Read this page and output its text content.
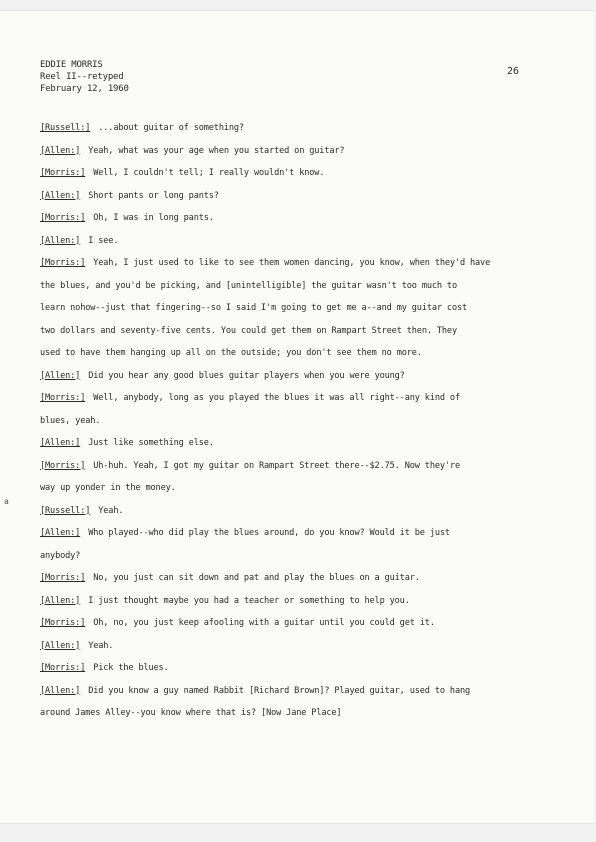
EDDIE MORRIS
Reel II--retyped
February 12, 1960
26
[Russell:] ...about guitar of something?
[Allen:] Yeah, what was your age when you started on guitar?
[Morris:] Well, I couldn't tell; I really wouldn't know.
[Allen:] Short pants or long pants?
[Morris:] Oh, I was in long pants.
[Allen:] I see.
[Morris:] Yeah, I just used to like to see them women dancing, you know, when they'd have
the blues, and you'd be picking, and [unintelligible] the guitar wasn't too much to
learn nohow--just that fingering--so I said I'm going to get me a--and my guitar cost
two dollars and seventy-five cents. You could get them on Rampart Street then. They
used to have them hanging up all on the outside; you don't see them no more.
[Allen:] Did you hear any good blues guitar players when you were young?
[Morris:] Well, anybody, long as you played the blues it was all right--any kind of
blues, yeah.
[Allen:] Just like something else.
[Morris:] Uh-huh. Yeah, I got my guitar on Rampart Street there--$2.75. Now they're
way up yonder in the money.
[Russell:] Yeah.
[Allen:] Who played--who did play the blues around, do you know? Would it be just
anybody?
[Morris:] No, you just can sit down and pat and play the blues on a guitar.
[Allen:] I just thought maybe you had a teacher or something to help you.
[Morris:] Oh, no, you just keep afooling with a guitar until you could get it.
[Allen:] Yeah.
[Morris:] Pick the blues.
[Allen:] Did you know a guy named Rabbit [Richard Brown]? Played guitar, used to hang
around James Alley--you know where that is? [Now Jane Place]
a
